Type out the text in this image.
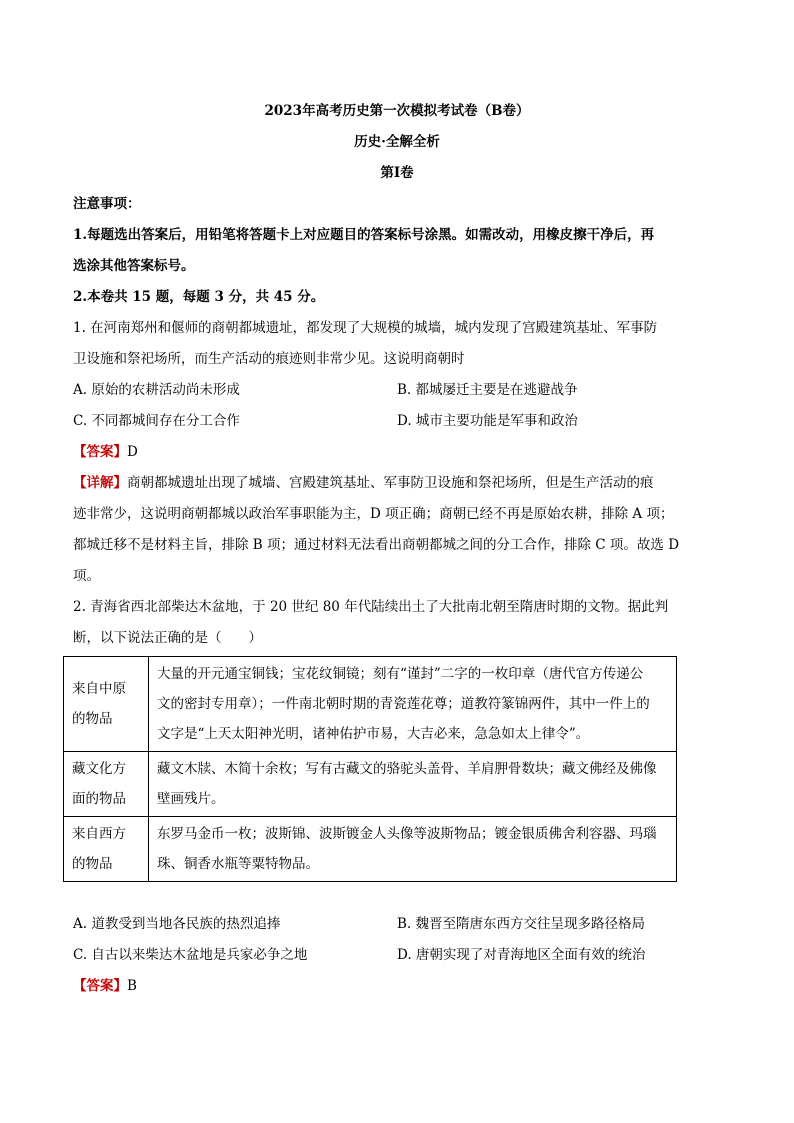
2023年高考历史第一次模拟考试卷（B卷）
历史·全解全析
第Ⅰ卷
注意事项：
1.每题选出答案后，用铅笔将答题卡上对应题目的答案标号涂黑。如需改动，用橡皮擦干净后，再
选涂其他答案标号。
2.本卷共 15 题，每题 3 分，共 45 分。
1. 在河南郑州和偃师的商朝都城遗址，都发现了大规模的城墙，城内发现了宫殿建筑基址、军事防
卫设施和祭祀场所，而生产活动的痕迹则非常少见。这说明商朝时
A. 原始的农耕活动尚未形成	B. 都城屡迁主要是在逃避战争
C. 不同都城间存在分工合作	D. 城市主要功能是军事和政治
【答案】D
【详解】商朝都城遗址出现了城墙、宫殿建筑基址、军事防卫设施和祭祀场所，但是生产活动的痕
迹非常少，这说明商朝都城以政治军事职能为主，D 项正确；商朝已经不再是原始农耕，排除 A 项；
都城迁移不是材料主旨，排除 B 项；通过材料无法看出商朝都城之间的分工合作，排除 C 项。故选 D
项。
2. 青海省西北部柴达木盆地，于 20 世纪 80 年代陆续出土了大批南北朝至隋唐时期的文物。据此判
断，以下说法正确的是（　　）
来自中原
的物品	大量的开元通宝铜钱；宝花纹铜镜；刻有“谨封”二字的一枚印章（唐代官方传递公
文的密封专用章）；一件南北朝时期的青瓷莲花尊；道教符篆锦两件，其中一件上的
文字是“上天太阳神光明，诸神佑护市易，大吉必来，急急如太上律令”。

藏文化方
面的物品	藏文木牍、木简十余枚；写有古藏文的骆驼头盖骨、羊肩胛骨数块；藏文佛经及佛像
壁画残片。

来自西方
的物品	东罗马金币一枚；波斯锦、波斯镀金人头像等波斯物品；镀金银质佛舍利容器、玛瑙
珠、铜香水瓶等粟特物品。
A. 道教受到当地各民族的热烈追捧	B. 魏晋至隋唐东西方交往呈现多路径格局
C. 自古以来柴达木盆地是兵家必争之地	D. 唐朝实现了对青海地区全面有效的统治
【答案】B
